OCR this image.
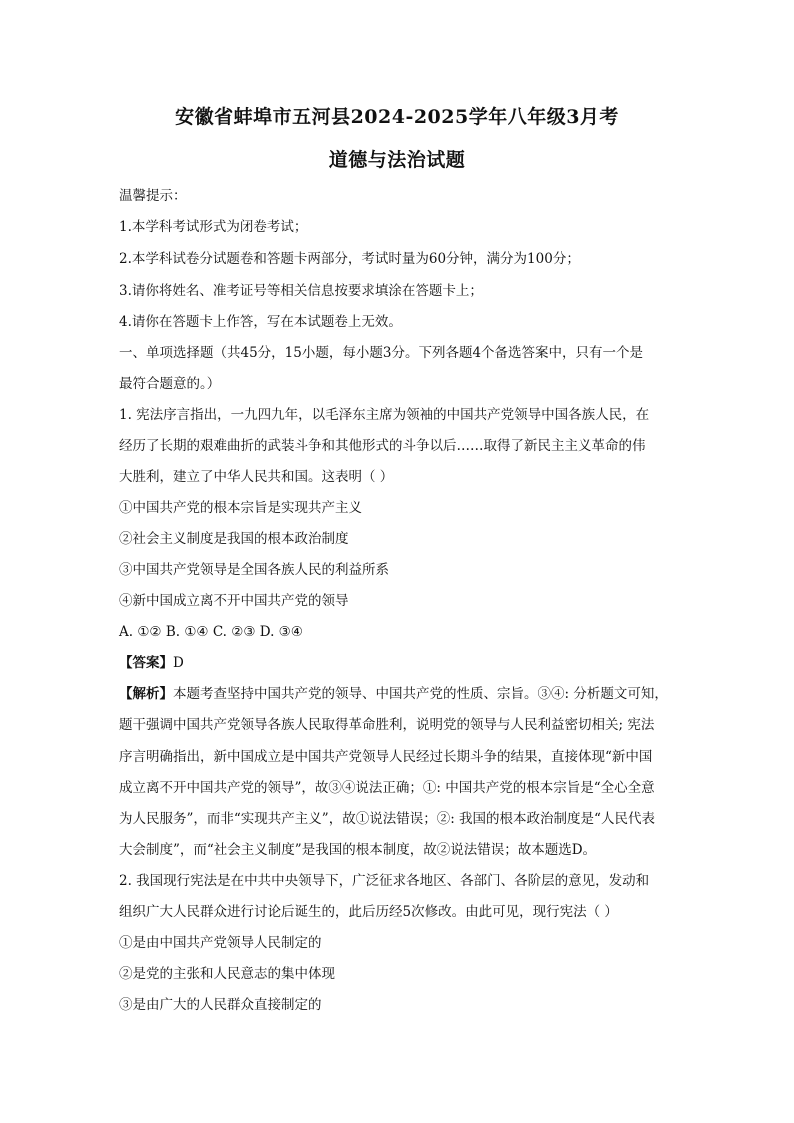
安徽省蚌埠市五河县2024-2025学年八年级3月考
道德与法治试题
温馨提示：
1.本学科考试形式为闭卷考试；
2.本学科试卷分试题卷和答题卡两部分，考试时量为60分钟，满分为100分；
3.请你将姓名、准考证号等相关信息按要求填涂在答题卡上；
4.请你在答题卡上作答，写在本试题卷上无效。
一、单项选择题（共45分，15小题，每小题3分。下列各题4个备选答案中，只有一个是
最符合题意的。）
1. 宪法序言指出，一九四九年，以毛泽东主席为领袖的中国共产党领导中国各族人民，在
经历了长期的艰难曲折的武装斗争和其他形式的斗争以后……取得了新民主主义革命的伟
大胜利，建立了中华人民共和国。这表明（ ）
①中国共产党的根本宗旨是实现共产主义
②社会主义制度是我国的根本政治制度
③中国共产党领导是全国各族人民的利益所系
④新中国成立离不开中国共产党的领导
A. ①② B. ①④ C. ②③ D. ③④
【答案】D
【解析】本题考查坚持中国共产党的领导、中国共产党的性质、宗旨。③④: 分析题文可知，
题干强调中国共产党领导各族人民取得革命胜利，说明党的领导与人民利益密切相关; 宪法
序言明确指出，新中国成立是中国共产党领导人民经过长期斗争的结果，直接体现“新中国
成立离不开中国共产党的领导”，故③④说法正确；①: 中国共产党的根本宗旨是“全心全意
为人民服务”，而非“实现共产主义”，故①说法错误；②: 我国的根本政治制度是“人民代表
大会制度”，而“社会主义制度”是我国的根本制度，故②说法错误；故本题选D。
2. 我国现行宪法是在中共中央领导下，广泛征求各地区、各部门、各阶层的意见，发动和
组织广大人民群众进行讨论后诞生的，此后历经5次修改。由此可见，现行宪法（ ）
①是由中国共产党领导人民制定的
②是党的主张和人民意志的集中体现
③是由广大的人民群众直接制定的
